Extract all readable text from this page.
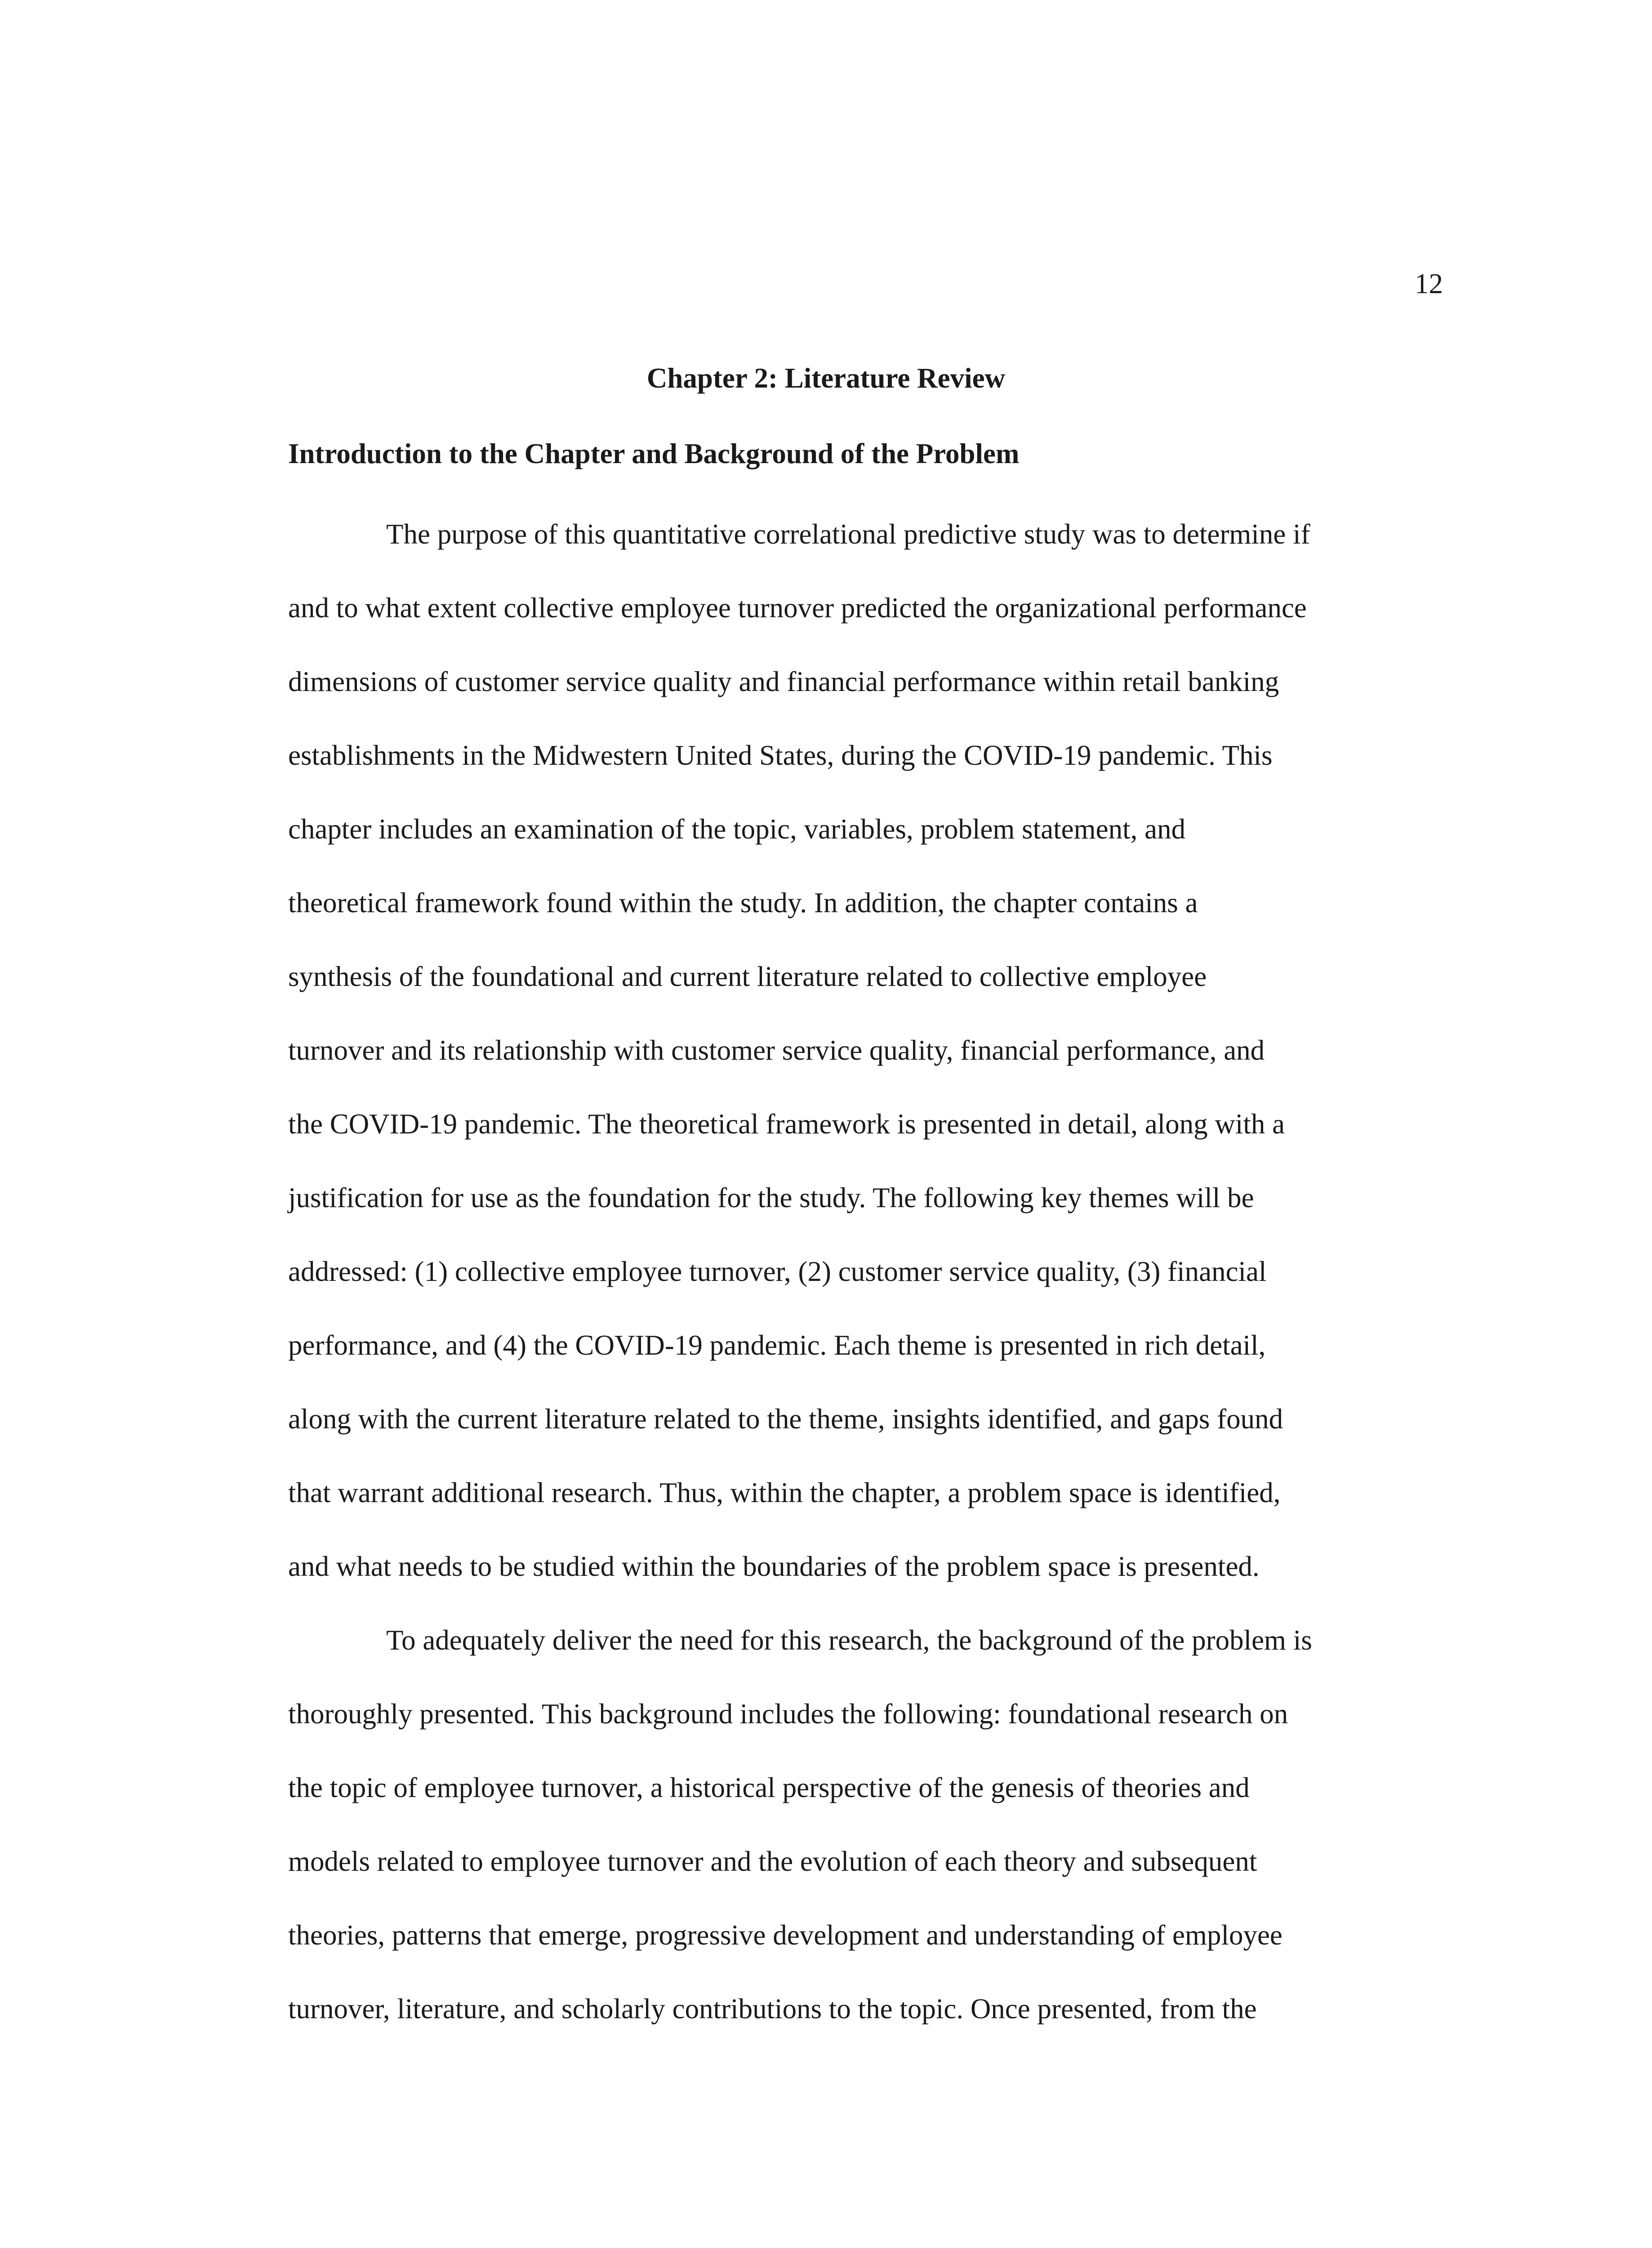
12
Chapter 2: Literature Review
Introduction to the Chapter and Background of the Problem
The purpose of this quantitative correlational predictive study was to determine if
and to what extent collective employee turnover predicted the organizational performance
dimensions of customer service quality and financial performance within retail banking
establishments in the Midwestern United States, during the COVID-19 pandemic. This
chapter includes an examination of the topic, variables, problem statement, and
theoretical framework found within the study. In addition, the chapter contains a
synthesis of the foundational and current literature related to collective employee
turnover and its relationship with customer service quality, financial performance, and
the COVID-19 pandemic. The theoretical framework is presented in detail, along with a
justification for use as the foundation for the study. The following key themes will be
addressed: (1) collective employee turnover, (2) customer service quality, (3) financial
performance, and (4) the COVID-19 pandemic. Each theme is presented in rich detail,
along with the current literature related to the theme, insights identified, and gaps found
that warrant additional research. Thus, within the chapter, a problem space is identified,
and what needs to be studied within the boundaries of the problem space is presented.
To adequately deliver the need for this research, the background of the problem is
thoroughly presented. This background includes the following: foundational research on
the topic of employee turnover, a historical perspective of the genesis of theories and
models related to employee turnover and the evolution of each theory and subsequent
theories, patterns that emerge, progressive development and understanding of employee
turnover, literature, and scholarly contributions to the topic. Once presented, from the
